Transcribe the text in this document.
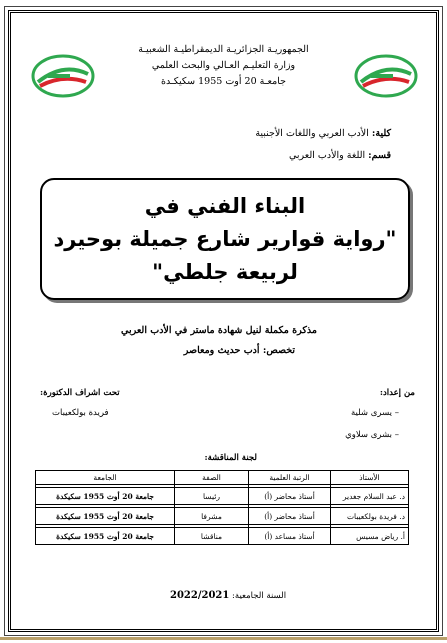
الجمهوريـة الجزائريـة الديمقراطيـة الشعبيـة
وزارة التعليـم العـالي والبحث العلمي
جامعـة 20 أوت 1955 سكيكـدة
كلية: الأدب العربي واللغات الأجنبية
قسم: اللغة والأدب العربي
البناء الفني في
"رواية قوارير شارع جميلة بوحيرد
لربيعة جلطي"
مذكرة مكملة لنيل شهادة ماستر في الأدب العربي
تخصص: أدب حديث ومعاصر
من إعداد:
– يسرى شلية
– بشرى سلاوي
تحت اشراف الدكتورة:
فريدة بولكعيبات
لجنة المناقشة:
الأستاذ	الرتبة العلمية	الصفة	الجامعة

د. عبد السلام جغدير	أستاذ محاضر (أ)	رئيسا	جامعة 20 أوت 1955 سكيكدة

د. فريدة بولكعيبات	أستاذ محاضر (أ)	مشرفا	جامعة 20 أوت 1955 سكيكدة

أ. رياض مسيس	أستاذ مساعد (أ)	مناقشا	جامعة 20 أوت 1955 سكيكدة
السنة الجامعية: 2022/2021
